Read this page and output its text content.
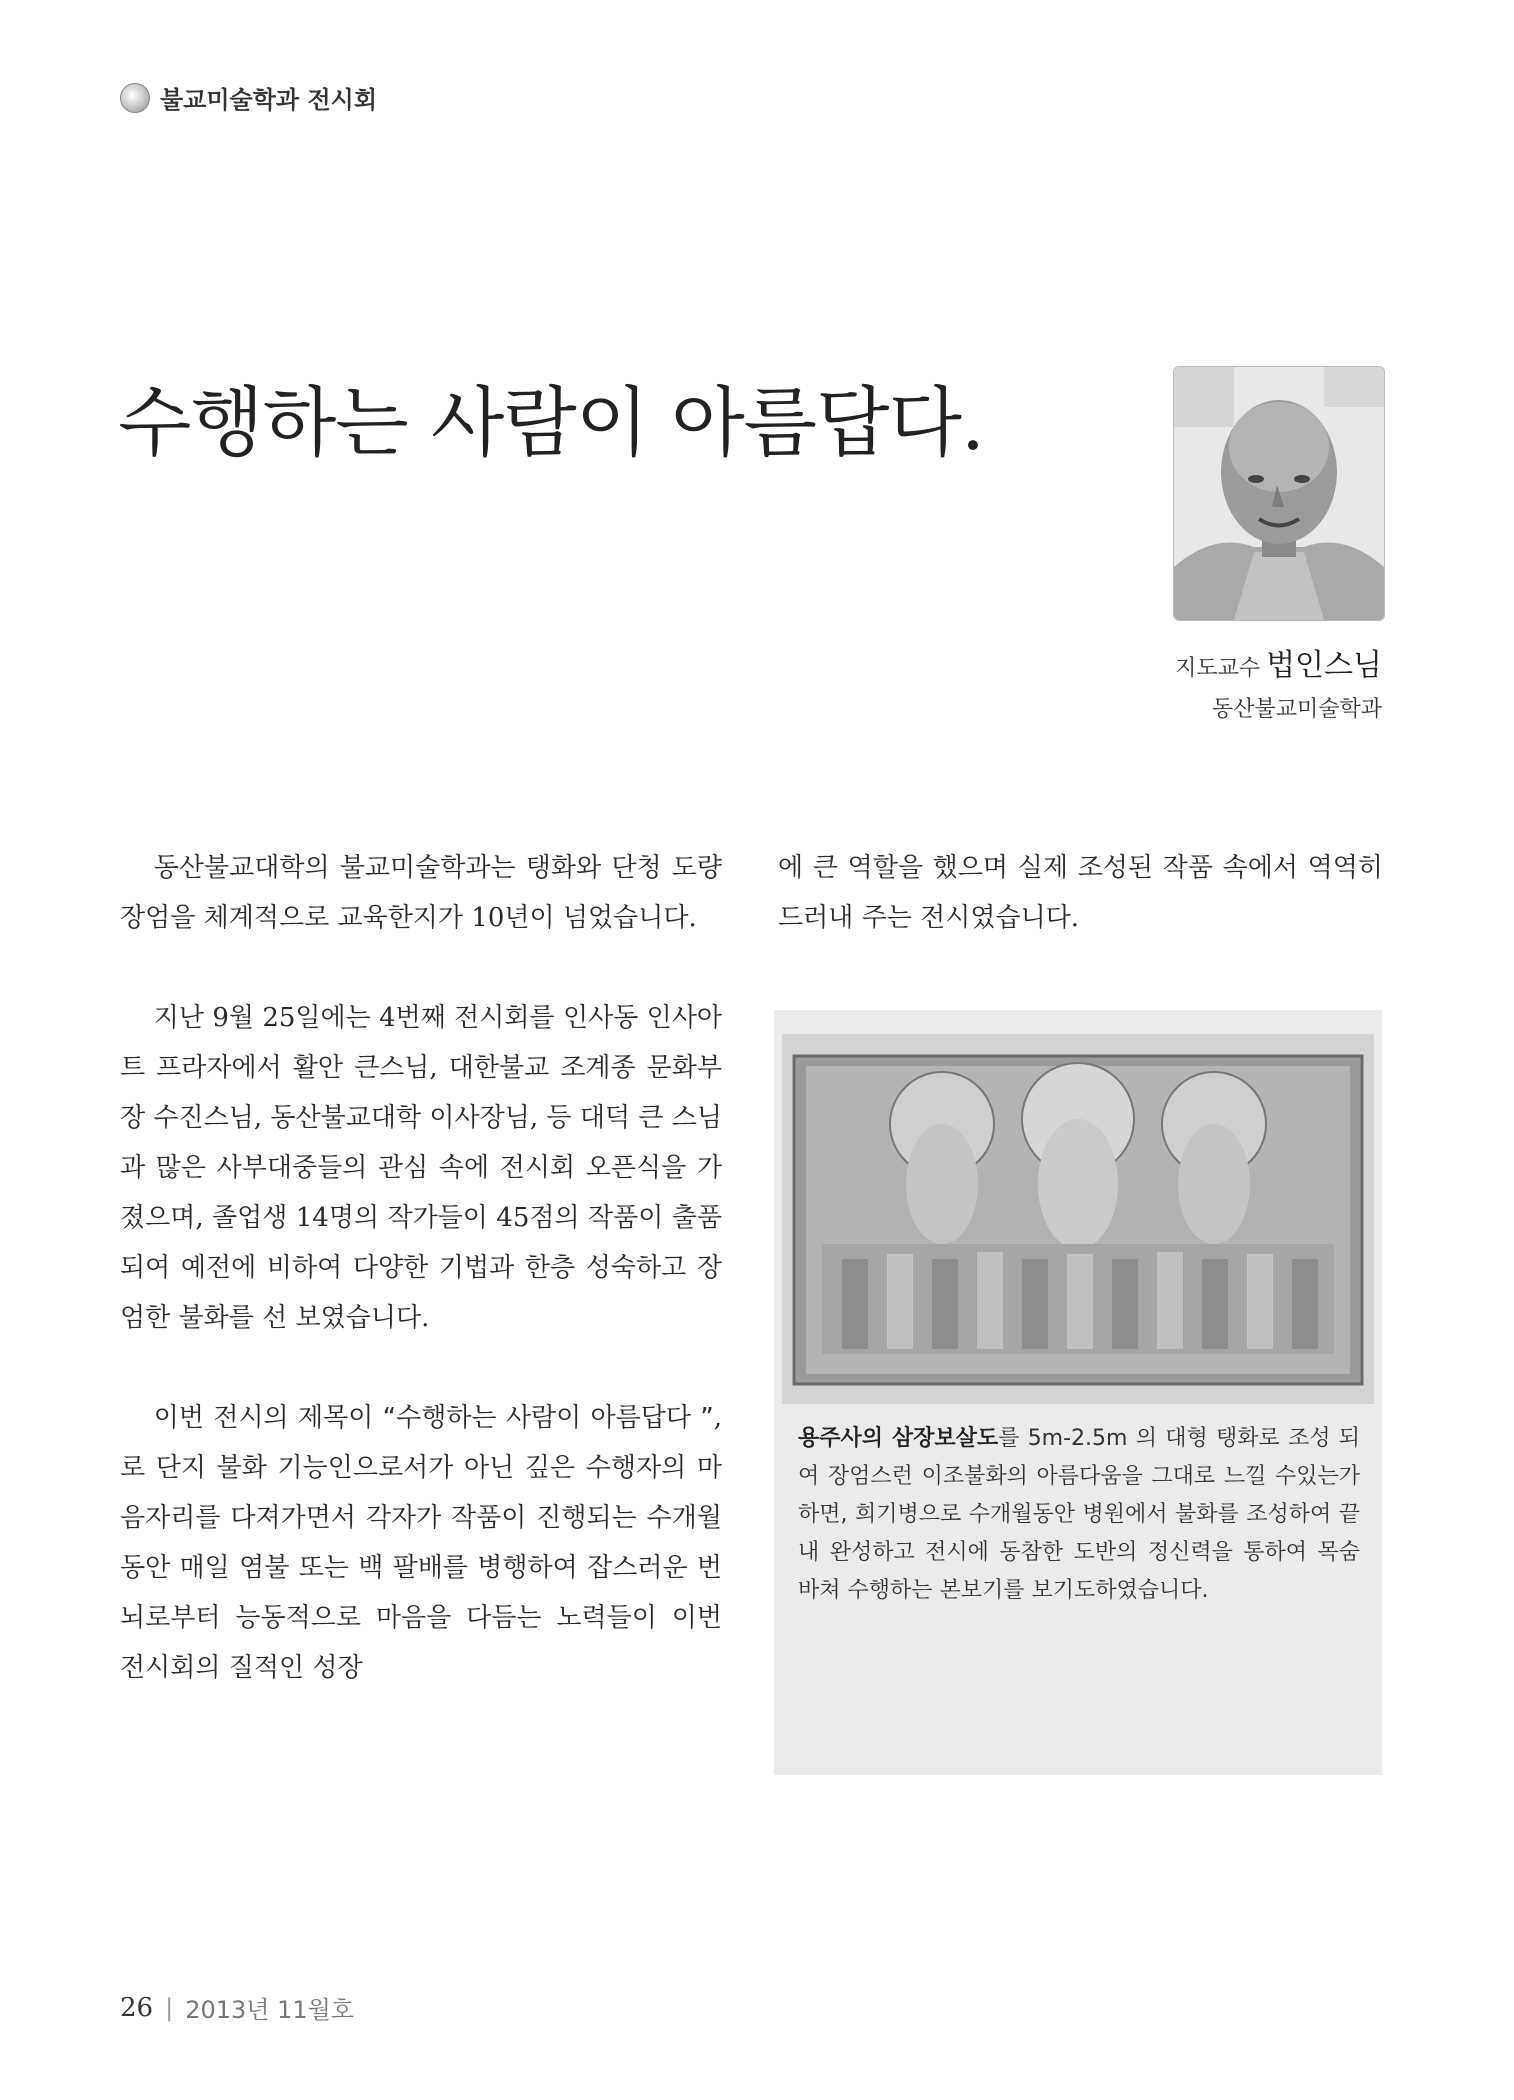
불교미술학과 전시회
수행하는 사람이 아름답다.
지도교수 법인스님
동산불교미술학과

동산불교대학의 불교미술학과는 탱화와 단청 도량장엄을 체계적으로 교육한지가 10년이 넘었습니다.

지난 9월 25일에는 4번째 전시회를 인사동 인사아트 프라자에서 활안 큰스님, 대한불교 조계종 문화부장 수진스님, 동산불교대학 이사장님, 등 대덕 큰 스님과 많은 사부대중들의 관심 속에 전시회 오픈식을 가졌으며, 졸업생 14명의 작가들이 45점의 작품이 출품 되여 예전에 비하여 다양한 기법과 한층 성숙하고 장엄한 불화를 선 보였습니다.

이번 전시의 제목이 “수행하는 사람이 아름답다 ”, 로 단지 불화 기능인으로서가 아닌 깊은 수행자의 마음자리를 다져가면서 각자가 작품이 진행되는 수개월 동안 매일 염불 또는 백 팔배를 병행하여 잡스러운 번뇌로부터 능동적으로 마음을 다듬는 노력들이 이번 전시회의 질적인 성장

에 큰 역할을 했으며 실제 조성된 작품 속에서 역역히 드러내 주는 전시였습니다.

용주사의 삼장보살도를 5m-2.5m 의 대형 탱화로 조성 되여 장엄스런 이조불화의 아름다움을 그대로 느낄 수있는가하면, 희기병으로 수개월동안 병원에서 불화를 조성하여 끝내 완성하고 전시에 동참한 도반의 정신력을 통하여 목숨 바쳐 수행하는 본보기를 보기도하였습니다.
26 | 2013년 11월호
